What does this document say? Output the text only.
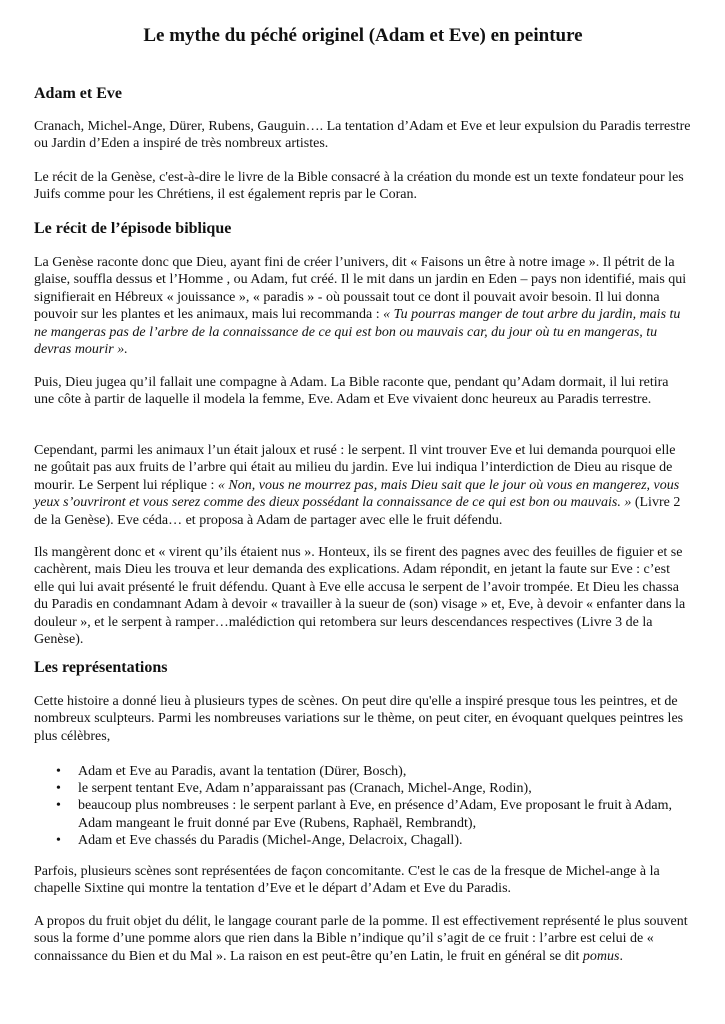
Le mythe du péché originel (Adam et Eve) en peinture
Adam et Eve

Cranach, Michel-Ange, Dürer, Rubens, Gauguin…. La tentation d’Adam et Eve et leur expulsion du Paradis terrestre ou Jardin d’Eden a inspiré de très nombreux artistes.

Le récit de la Genèse, c'est-à-dire le livre de la Bible consacré à la création du monde est un texte fondateur pour les Juifs comme pour les Chrétiens, il est également repris par le Coran.

Le récit de l’épisode biblique

La Genèse raconte donc que Dieu, ayant fini de créer l’univers, dit « Faisons un être à notre image ». Il pétrit de la glaise, souffla dessus et l’Homme , ou Adam, fut créé. Il le mit dans un jardin en Eden – pays non identifié, mais qui signifierait en Hébreux « jouissance », « paradis » - où poussait tout ce dont il pouvait avoir besoin. Il lui donna pouvoir sur les plantes et les animaux, mais lui recommanda : « Tu pourras manger de tout arbre du jardin, mais tu ne mangeras pas de l’arbre de la connaissance de ce qui est bon ou mauvais car, du jour où tu en mangeras, tu devras mourir ».

Puis, Dieu jugea qu’il fallait une compagne à Adam. La Bible raconte que, pendant qu’Adam dormait, il lui retira une côte à partir de laquelle il modela la femme, Eve. Adam et Eve vivaient donc heureux au Paradis terrestre.

Cependant, parmi les animaux l’un était jaloux et rusé : le serpent. Il vint trouver Eve et lui demanda pourquoi elle ne goûtait pas aux fruits de l’arbre qui était au milieu du jardin. Eve lui indiqua l’interdiction de Dieu au risque de mourir. Le Serpent lui réplique : « Non, vous ne mourrez pas, mais Dieu sait que le jour où vous en mangerez, vous yeux s’ouvriront et vous serez comme des dieux possédant la connaissance de ce qui est bon ou mauvais. » (Livre 2 de la Genèse). Eve céda… et proposa à Adam de partager avec elle le fruit défendu.

Ils mangèrent donc et « virent qu’ils étaient nus ». Honteux, ils se firent des pagnes avec des feuilles de figuier et se cachèrent, mais Dieu les trouva et leur demanda des explications. Adam répondit, en jetant la faute sur Eve : c’est elle qui lui avait présenté le fruit défendu. Quant à Eve elle accusa le serpent de l’avoir trompée. Et Dieu les chassa du Paradis en condamnant Adam à devoir « travailler à la sueur de (son) visage » et, Eve, à devoir « enfanter dans la douleur », et le serpent à ramper…malédiction qui retombera sur leurs descendances respectives (Livre 3 de la Genèse).

Les représentations

Cette histoire a donné lieu à plusieurs types de scènes. On peut dire qu'elle a inspiré presque tous les peintres, et de nombreux sculpteurs. Parmi les nombreuses variations sur le thème, on peut citer, en évoquant quelques peintres les plus célèbres,

• Adam et Eve au Paradis, avant la tentation (Dürer, Bosch),
• le serpent tentant Eve, Adam n’apparaissant pas (Cranach, Michel-Ange, Rodin),
• beaucoup plus nombreuses : le serpent parlant à Eve, en présence d’Adam, Eve proposant le fruit à Adam, Adam mangeant le fruit donné par Eve (Rubens, Raphaël, Rembrandt),
• Adam et Eve chassés du Paradis (Michel-Ange, Delacroix, Chagall).

Parfois, plusieurs scènes sont représentées de façon concomitante. C'est le cas de la fresque de Michel-ange à la chapelle Sixtine qui montre la tentation d’Eve et le départ d’Adam et Eve du Paradis.

A propos du fruit objet du délit, le langage courant parle de la pomme. Il est effectivement représenté le plus souvent sous la forme d’une pomme alors que rien dans la Bible n’indique qu’il s’agit de ce fruit : l’arbre est celui de « connaissance du Bien et du Mal ». La raison en est peut-être qu’en Latin, le fruit en général se dit pomus.
